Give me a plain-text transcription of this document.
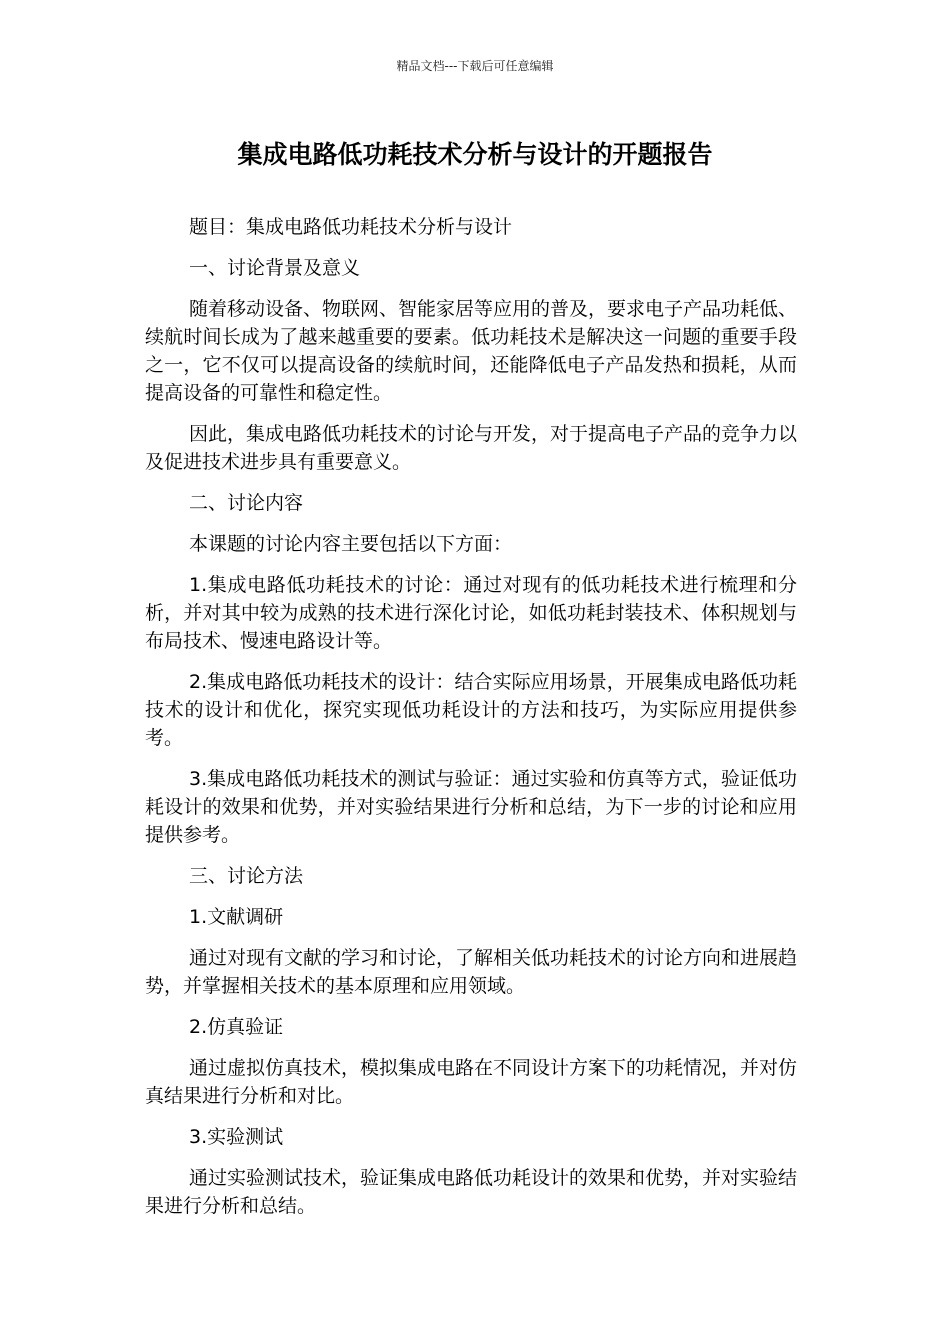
精品文档---下载后可任意编辑
集成电路低功耗技术分析与设计的开题报告

题目：集成电路低功耗技术分析与设计

一、讨论背景及意义

随着移动设备、物联网、智能家居等应用的普及，要求电子产品功耗低、续航时间长成为了越来越重要的要素。低功耗技术是解决这一问题的重要手段之一，它不仅可以提高设备的续航时间，还能降低电子产品发热和损耗，从而提高设备的可靠性和稳定性。

因此，集成电路低功耗技术的讨论与开发，对于提高电子产品的竞争力以及促进技术进步具有重要意义。

二、讨论内容

本课题的讨论内容主要包括以下方面：

1.集成电路低功耗技术的讨论：通过对现有的低功耗技术进行梳理和分析，并对其中较为成熟的技术进行深化讨论，如低功耗封装技术、体积规划与布局技术、慢速电路设计等。

2.集成电路低功耗技术的设计：结合实际应用场景，开展集成电路低功耗技术的设计和优化，探究实现低功耗设计的方法和技巧，为实际应用提供参考。

3.集成电路低功耗技术的测试与验证：通过实验和仿真等方式，验证低功耗设计的效果和优势，并对实验结果进行分析和总结，为下一步的讨论和应用提供参考。

三、讨论方法

1.文献调研

通过对现有文献的学习和讨论，了解相关低功耗技术的讨论方向和进展趋势，并掌握相关技术的基本原理和应用领域。

2.仿真验证

通过虚拟仿真技术，模拟集成电路在不同设计方案下的功耗情况，并对仿真结果进行分析和对比。

3.实验测试

通过实验测试技术，验证集成电路低功耗设计的效果和优势，并对实验结果进行分析和总结。
